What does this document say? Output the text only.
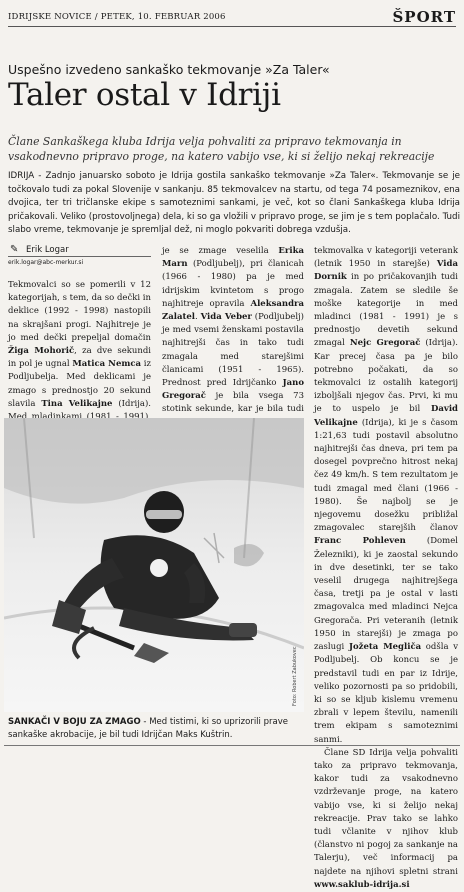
IDRIJSKE NOVICE / PETEK, 10. FEBRUAR 2006	ŠPORT
Uspešno izvedeno sankaško tekmovanje »Za Taler«
Taler ostal v Idriji
Člane Sankaškega kluba Idrija velja pohvaliti za pripravo tekmovanja in vsakodnevno pripravo proge, na katero vabijo vse, ki si želijo nekaj rekreacije
IDRIJA - Zadnjo januarsko soboto je Idrija gostila sankaško tekmovanje »Za Taler«. Tekmovanje se je točkovalo tudi za pokal Slovenije v sankanju. 85 tekmovalcev na startu, od tega 74 posameznikov, ena dvojica, ter tri tričlanske ekipe s samoteznimi sankami, je več, kot so člani Sankaškega kluba Idrija pričakovali. Veliko (prostovoljnega) dela, ki so ga vložili v pripravo proge, se jim je s tem poplačalo. Tudi slabo vreme, tekmovanje je spremljal dež, ni moglo pokvariti dobrega vzdušja.
✎ Erik Logar
erik.logar@abc-merkur.si
Tekmovalci so se pomerili v 12 kategorijah, s tem, da so dečki in deklice (1992 - 1998) nastopili na skrajšani progi. Najhitreje je jo med dečki prepeljal domačin Žiga Mohorič, za dve sekundi in pol je ugnal Matica Nemca iz Podljubelja. Med deklicami je zmago s prednostjo 20 sekund slavila Tina Velikajne (Idrija).
je se zmage veselila Erika Marn (Podljubelj), pri članicah (1966 - 1980) pa je med idrijskim kvintetom s progo najhitreje opravila Aleksandra Zalatel. Vida Veber (Podljubelj) je med vsemi ženskami postavila najhitrejši čas in tako tudi zmagala med starejšimi članicami (1951 - 1965). Prednost pred Idrijčanko Jano Gregorač je bila vsega 73 stotink sekunde, kar je bila tudi
tekmovalka v kategoriji veterank (letnik 1950 in starejše) Vida Dornik in po pričakovanjih tudi zmagala. Zatem se sledile še moške kategorije in med mladinci (1981 - 1991) je s prednostjo devetih sekund zmagal Nejc Gregorač (Idrija). Kar precej časa pa je bilo potrebno počakati, da so tekmovalci iz ostalih kategorij izboljšali njegov čas. Prvi, ki mu je to uspelo je bil David Velikajne (Idrija), ki je s časom 1:21,63 tudi postavil absolutno najhitrejši čas dneva, pri tem pa dosegel povprečno hitrost nekaj čez 49 km/h. S tem rezultatom je tudi zmagal med člani (1966 - 1980). Še najbolj se je njegovemu dosežku približal zmagovalec starejših članov Franc Pohleven (Domel Železniki), ki je zaostal sekundo in dve desetinki, ter se tako veselil drugega najhitrejšega časa, tretji pa je ostal v lasti zmagovalca med mladinci Nejca Gregorača. Pri veteranih (letnik 1950 in starejši) je zmaga po zaslugi Jožeta Megliča odšla v Podljubelj. Ob koncu se je predstavil tudi en par iz Idrije, veliko pozornosti pa so pridobili, ki so se kljub kislemu vremenu zbrali v lepem številu, namenili trem ekipam s samoteznimi sanmi.
Člane SD Idrija velja pohvaliti tako za pripravo tekmovanja, kakor tudi za vsakodnevno vzdrževanje proge, na katero vabijo vse, ki si želijo nekaj rekreacije. Prav tako se lahko tudi včlanite v njihov klub (članstvo ni pogoj za sankanje na Talerju), več informacij pa najdete na njihovi spletni strani www.saklub-idrija.si
Foto: Robert Zabukovec
SANKAČI V BOJU ZA ZMAGO - Med tistimi, ki so uprizorili prave sankaške akrobacije, je bil tudi Idrijčan Maks Kuštrin.
